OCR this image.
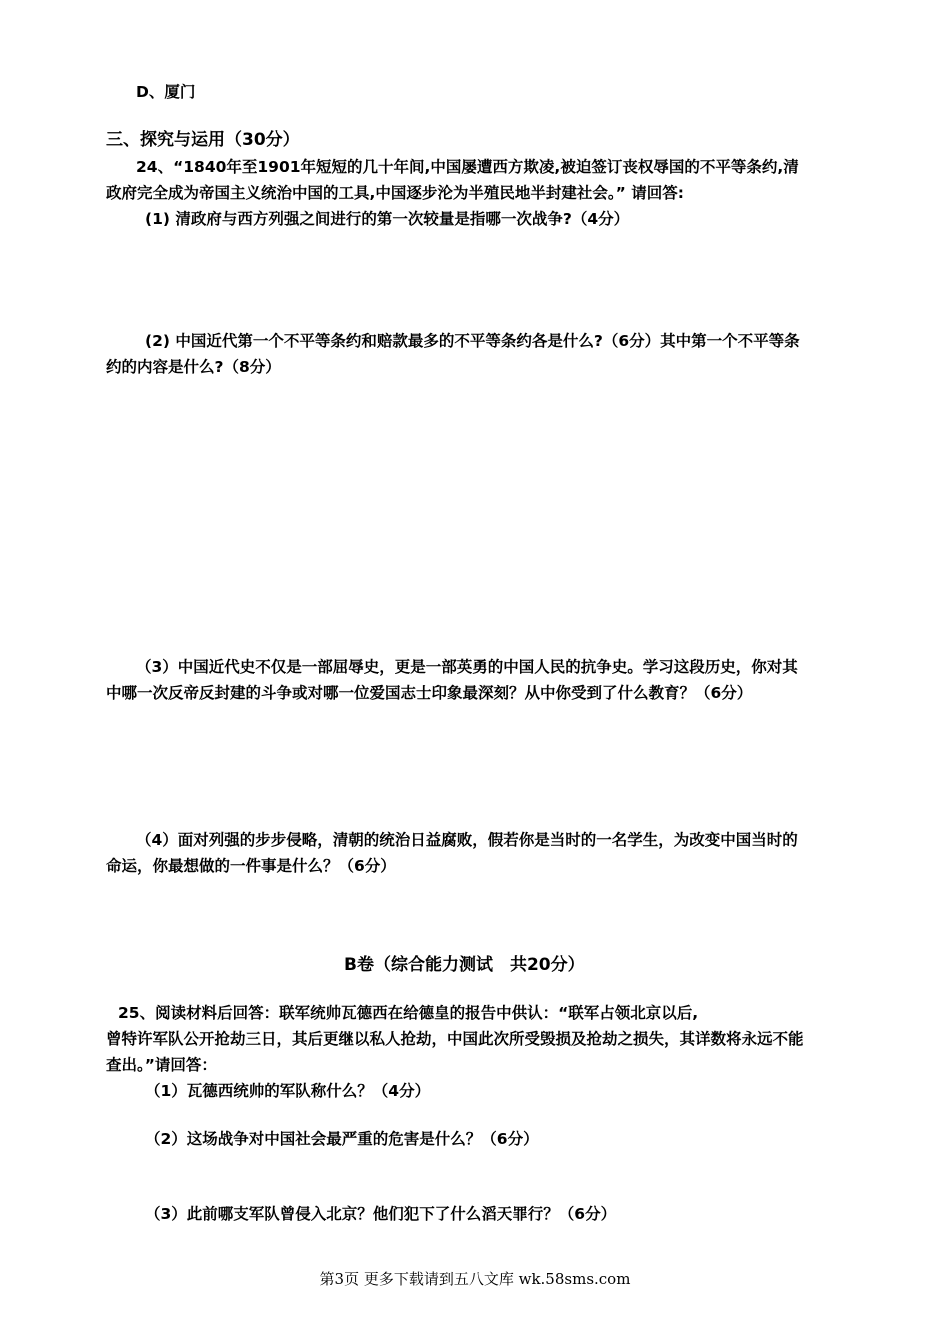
D、厦门
三、探究与运用（30分）
24、“1840年至1901年短短的几十年间,中国屡遭西方欺凌,被迫签订丧权辱国的不平等条约,清
政府完全成为帝国主义统治中国的工具,中国逐步沦为半殖民地半封建社会。” 请回答:
(1) 清政府与西方列强之间进行的第一次较量是指哪一次战争?（4分）
(2) 中国近代第一个不平等条约和赔款最多的不平等条约各是什么?（6分）其中第一个不平等条
约的内容是什么?（8分）
（3）中国近代史不仅是一部屈辱史，更是一部英勇的中国人民的抗争史。学习这段历史，你对其
中哪一次反帝反封建的斗争或对哪一位爱国志士印象最深刻？从中你受到了什么教育？（6分）
（4）面对列强的步步侵略，清朝的统治日益腐败，假若你是当时的一名学生，为改变中国当时的
命运，你最想做的一件事是什么？（6分）
B卷（综合能力测试　共20分）
25、阅读材料后回答：联军统帅瓦德西在给德皇的报告中供认：“联军占领北京以后,
曾特许军队公开抢劫三日，其后更继以私人抢劫，中国此次所受毁损及抢劫之损失，其详数将永远不能
查出。”请回答：
（1）瓦德西统帅的军队称什么？（4分）
（2）这场战争对中国社会最严重的危害是什么？（6分）
（3）此前哪支军队曾侵入北京？他们犯下了什么滔天罪行？（6分）
第3页 更多下载请到五八文库 wk.58sms.com
